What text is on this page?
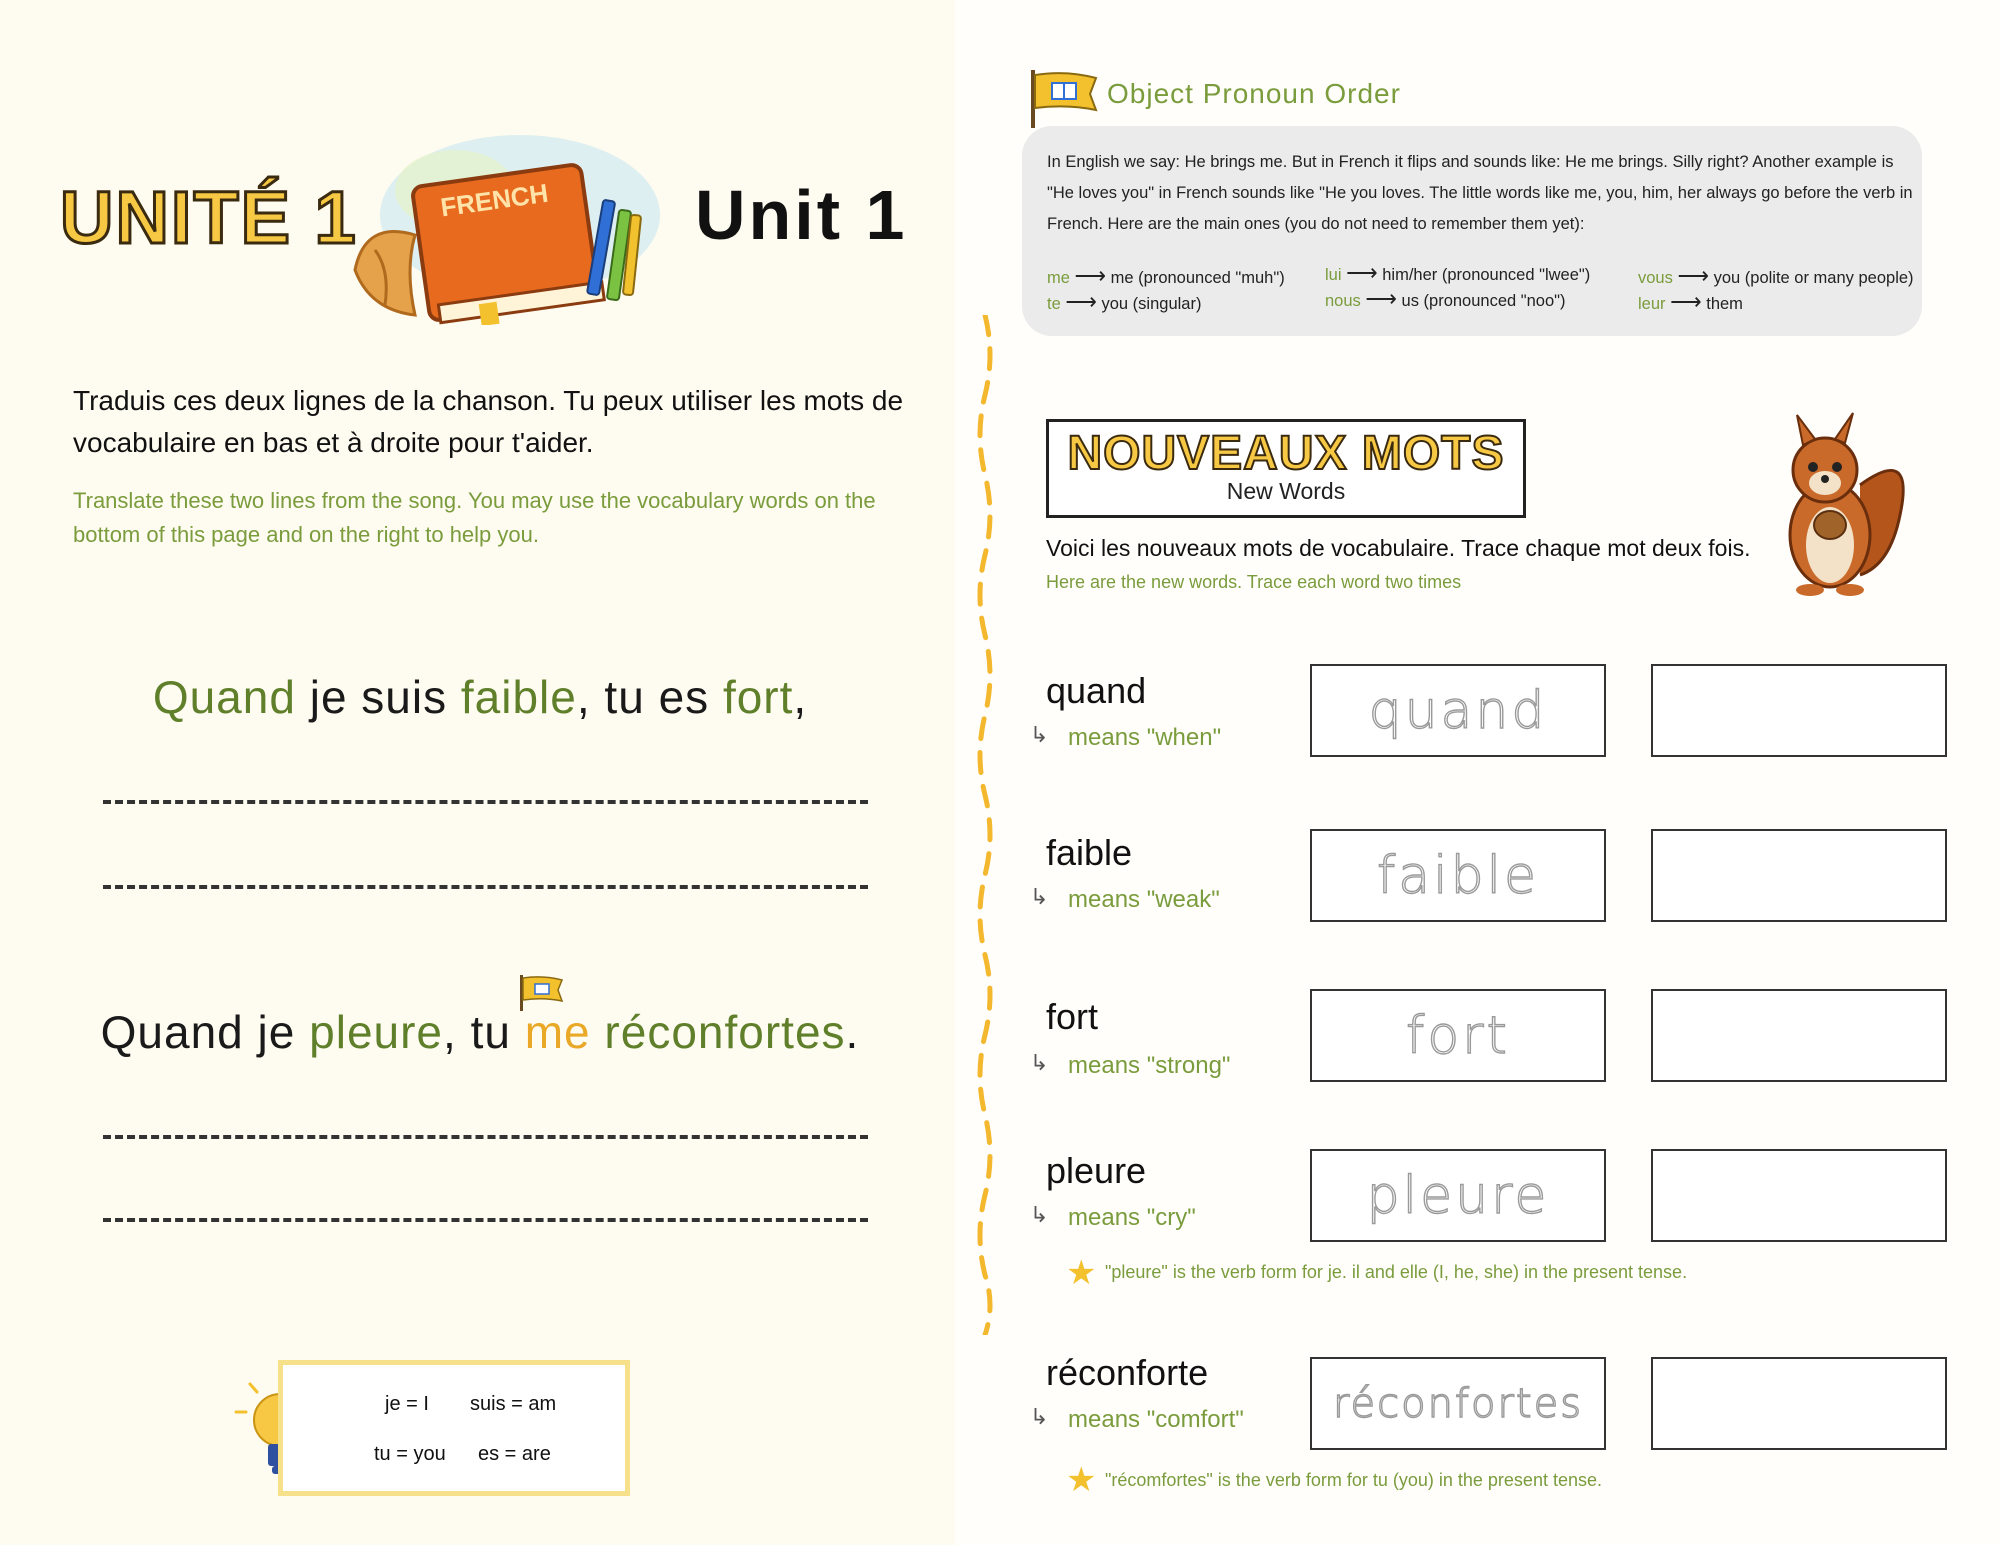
UNITÉ 1	FRENCH Unit 1
Traduis ces deux lignes de la chanson. Tu peux utiliser les mots de vocabulaire en bas et à droite pour t'aider.
Translate these two lines from the song. You may use the vocabulary words on the bottom of this page and on the right to help you.
Quand je suis faible, tu es fort,
Quand je pleure, tu me réconfortes.
je = I suis = am
tu = you es = are
Object Pronoun Order
In English we say: He brings me. But in French it flips and sounds like: He me brings. Silly right? Another example is "He loves you" in French sounds like "He you loves. The little words like me, you, him, her always go before the verb in French. Here are the main ones (you do not need to remember them yet):
me ⟶ me (pronounced "muh")
te ⟶ you (singular)
lui ⟶ him/her (pronounced "lwee")
nous ⟶ us (pronounced "noo")
vous ⟶ you (polite or many people)
leur ⟶ them
NOUVEAUX MOTS
New Words
Voici les nouveaux mots de vocabulaire. Trace chaque mot deux fois.
Here are the new words. Trace each word two times
quand
↳ means "when"	quand
faible
↳ means "weak"	faible
fort
↳ means "strong"	fort
pleure
↳ means "cry"	pleure
★ "pleure" is the verb form for je. il and elle (I, he, she) in the present tense.
réconforte
↳ means "comfort" réconfortes
★ "récomfortes" is the verb form for tu (you) in the present tense.
